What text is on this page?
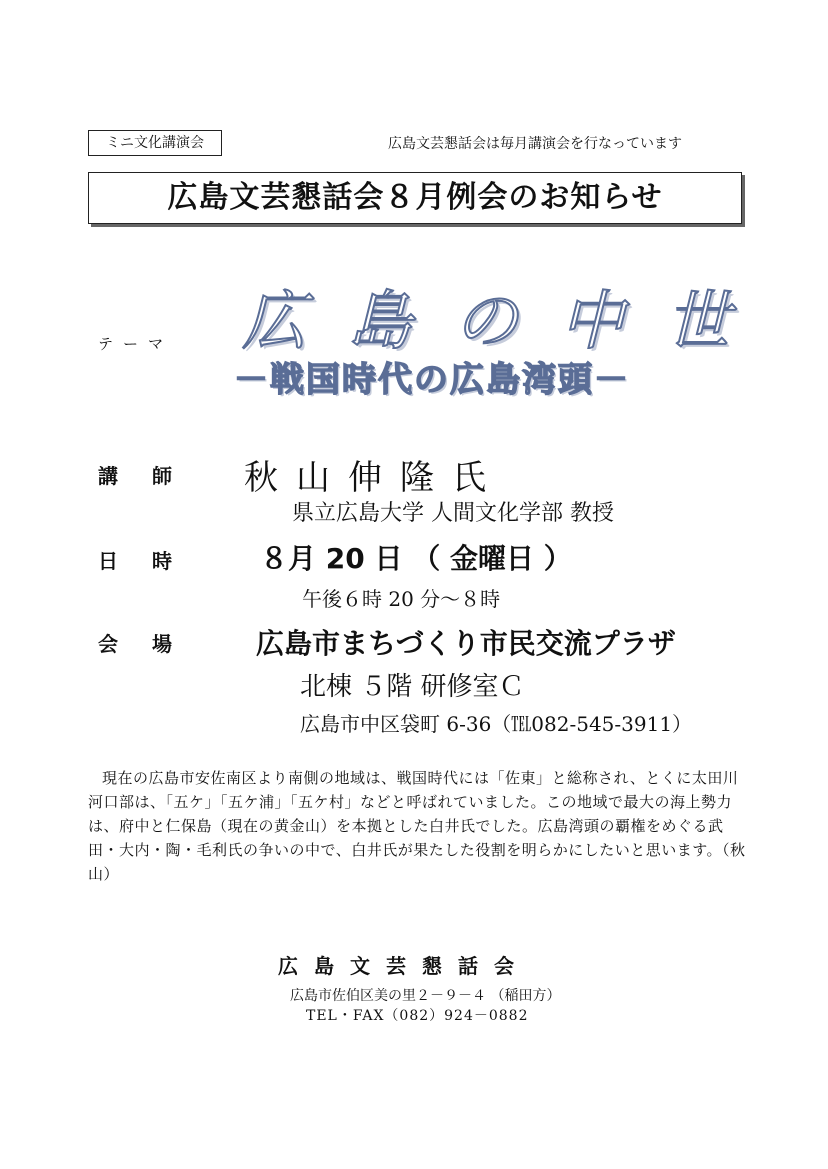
ミニ文化講演会	広島文芸懇話会は毎月講演会を行なっています
広島文芸懇話会８月例会のお知らせ
テーマ 広島の中世
－戦国時代の広島湾頭－
講師 秋山伸隆氏
県立広島大学 人間文化学部 教授
日時 ８月 20 日 （ 金曜日 ）
午後６時 20 分～８時
会場 広島市まちづくり市民交流プラザ
北棟 ５階 研修室Ｃ
広島市中区袋町 6-36（℡082-545-3911）
現在の広島市安佐南区より南側の地域は、戦国時代には「佐東」と総称され、とくに太田川河口部は、「五ケ」「五ケ浦」「五ケ村」などと呼ばれていました。この地域で最大の海上勢力は、府中と仁保島（現在の黄金山）を本拠とした白井氏でした。広島湾頭の覇権をめぐる武田・大内・陶・毛利氏の争いの中で、白井氏が果たした役割を明らかにしたいと思います。（秋山）
広島文芸懇話会
広島市佐伯区美の里２－９－４ （稲田方）
TEL・FAX（082）924－0882
